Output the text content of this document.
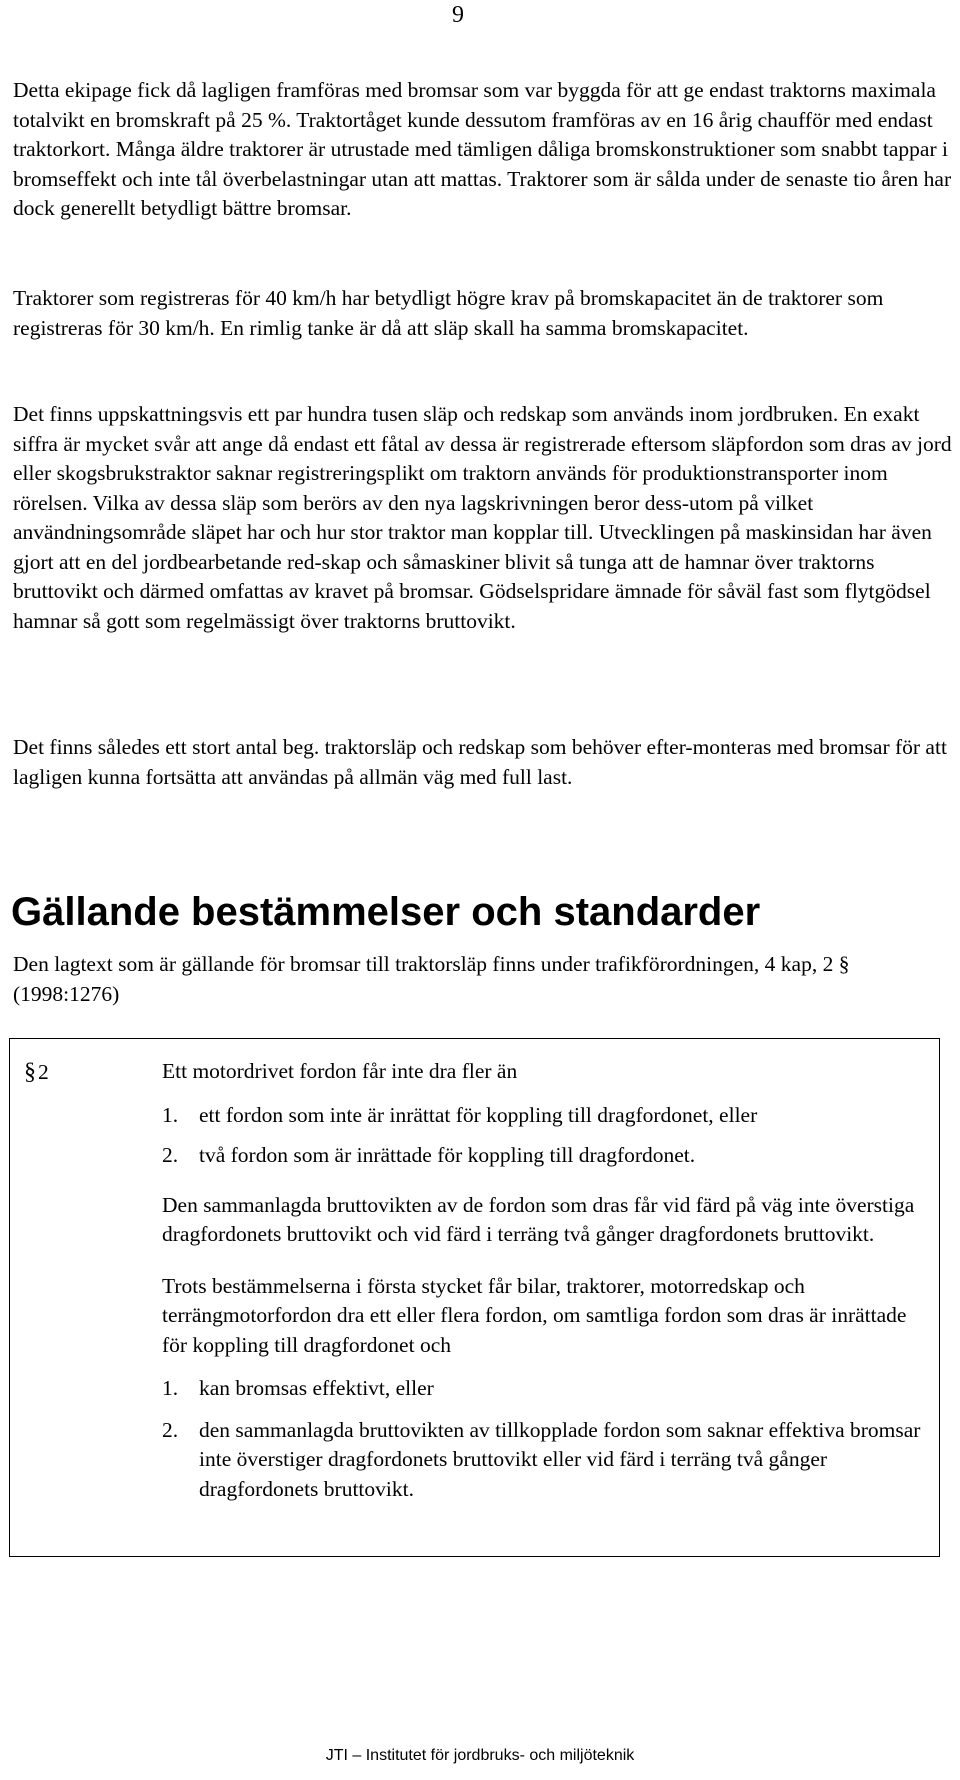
9

Detta ekipage fick då lagligen framföras med bromsar som var byggda för att ge endast traktorns maximala totalvikt en bromskraft på 25 %. Traktortåget kunde dessutom framföras av en 16 årig chaufför med endast traktorkort. Många äldre traktorer är utrustade med tämligen dåliga bromskonstruktioner som snabbt tappar i bromseffekt och inte tål överbelastningar utan att mattas. Traktorer som är sålda under de senaste tio åren har dock generellt betydligt bättre bromsar.

Traktorer som registreras för 40 km/h har betydligt högre krav på bromskapacitet än de traktorer som registreras för 30 km/h. En rimlig tanke är då att släp skall ha samma bromskapacitet.

Det finns uppskattningsvis ett par hundra tusen släp och redskap som används inom jordbruken. En exakt siffra är mycket svår att ange då endast ett fåtal av dessa är registrerade eftersom släpfordon som dras av jord eller skogsbrukstraktor saknar registreringsplikt om traktorn används för produktionstransporter inom rörelsen. Vilka av dessa släp som berörs av den nya lagskrivningen beror dess-utom på vilket användningsområde släpet har och hur stor traktor man kopplar till. Utvecklingen på maskinsidan har även gjort att en del jordbearbetande red-skap och såmaskiner blivit så tunga att de hamnar över traktorns bruttovikt och därmed omfattas av kravet på bromsar. Gödselspridare ämnade för såväl fast som flytgödsel hamnar så gott som regelmässigt över traktorns bruttovikt.

Det finns således ett stort antal beg. traktorsläp och redskap som behöver efter-monteras med bromsar för att lagligen kunna fortsätta att användas på allmän väg med full last.

Gällande bestämmelser och standarder

Den lagtext som är gällande för bromsar till traktorsläp finns under trafikförordningen, 4 kap, 2 § (1998:1276)

§ 2	Ett motordrivet fordon får inte dra fler än

1. ett fordon som inte är inrättat för koppling till dragfordonet, eller
2. två fordon som är inrättade för koppling till dragfordonet.

Den sammanlagda bruttovikten av de fordon som dras får vid färd på väg inte överstiga dragfordonets bruttovikt och vid färd i terräng två gånger dragfordonets bruttovikt.

Trots bestämmelserna i första stycket får bilar, traktorer, motorredskap och terrängmotorfordon dra ett eller flera fordon, om samtliga fordon som dras är inrättade för koppling till dragfordonet och

1. kan bromsas effektivt, eller
2. den sammanlagda bruttovikten av tillkopplade fordon som saknar effektiva bromsar inte överstiger dragfordonets bruttovikt eller vid färd i terräng två gånger dragfordonets bruttovikt.
JTI – Institutet för jordbruks- och miljöteknik
